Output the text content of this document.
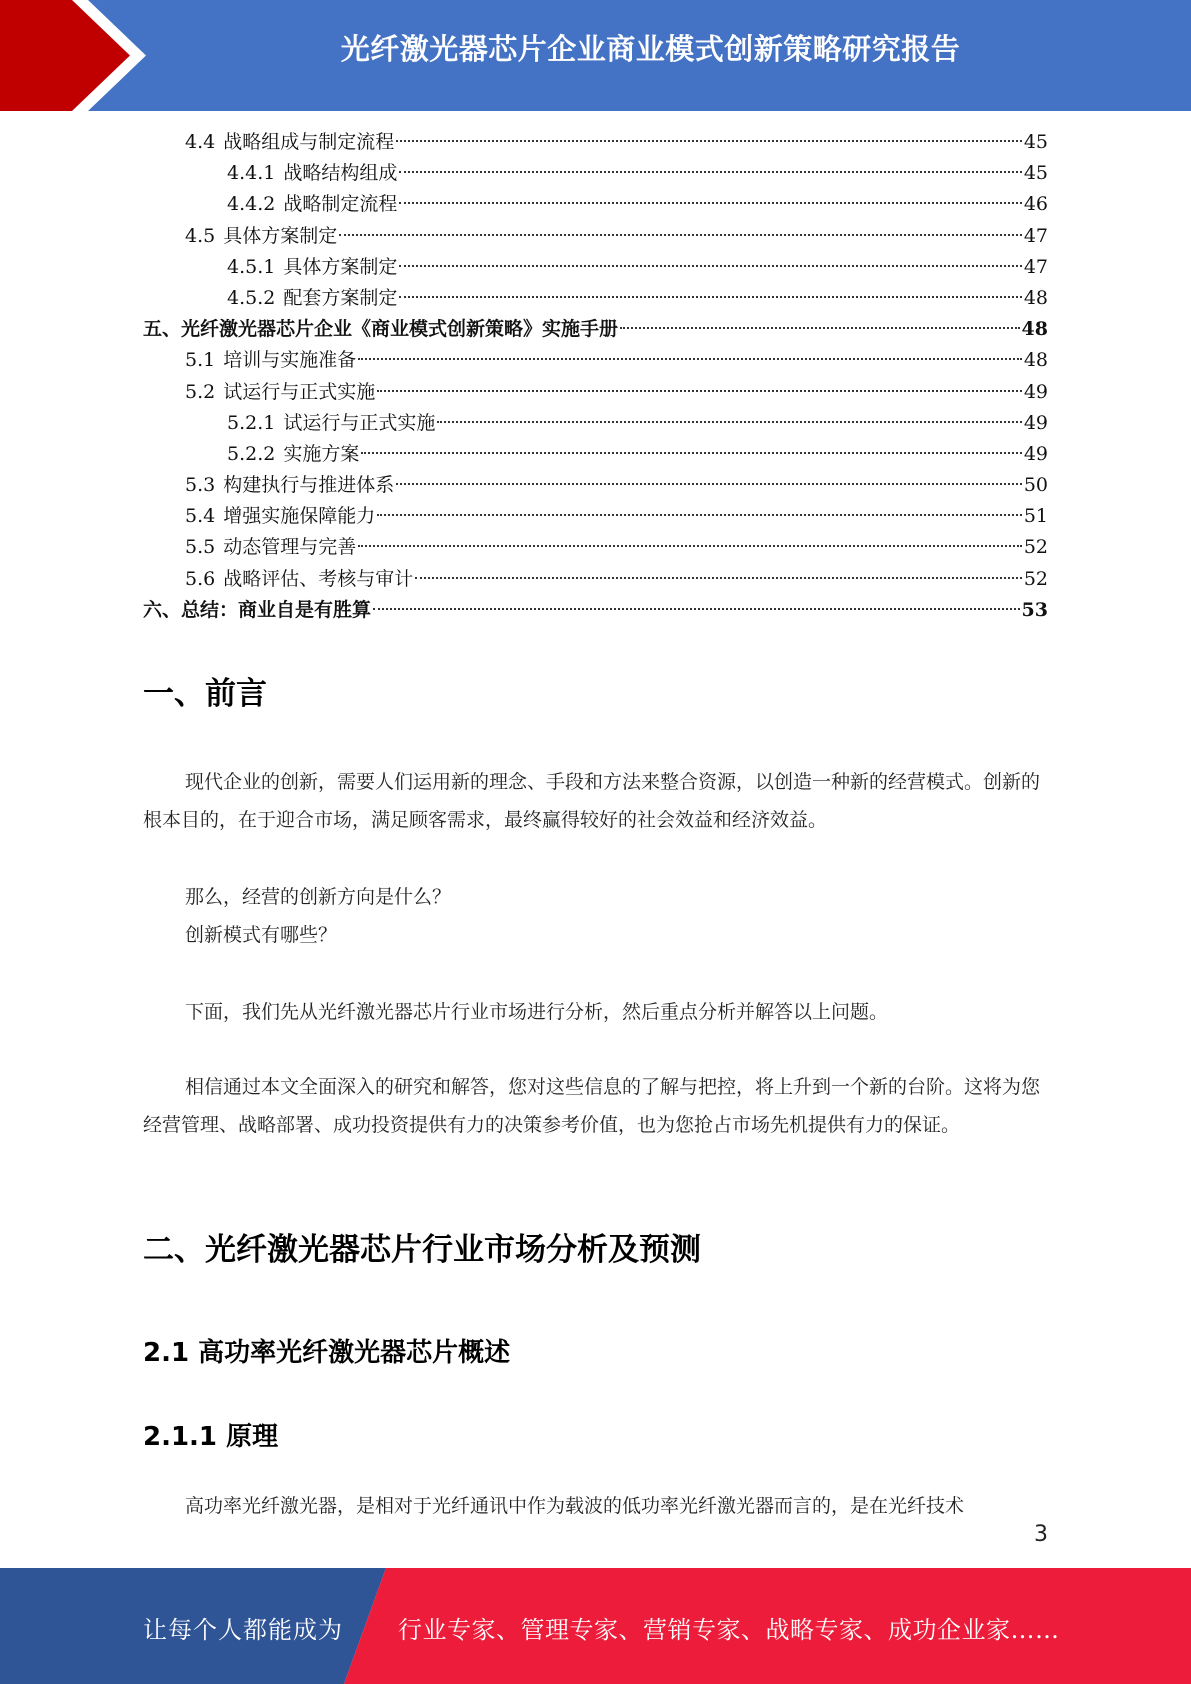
光纤激光器芯片企业商业模式创新策略研究报告
4.4 战略组成与制定流程	45
4.4.1 战略结构组成	45
4.4.2 战略制定流程	46
4.5 具体方案制定	47
4.5.1 具体方案制定	47
4.5.2 配套方案制定	48
五、光纤激光器芯片企业《商业模式创新策略》实施手册	48
5.1 培训与实施准备	48
5.2 试运行与正式实施	49
5.2.1 试运行与正式实施	49
5.2.2 实施方案	49
5.3 构建执行与推进体系	50
5.4 增强实施保障能力	51
5.5 动态管理与完善	52
5.6 战略评估、考核与审计	52
六、总结：商业自是有胜算	53
一、前言

现代企业的创新，需要人们运用新的理念、手段和方法来整合资源，以创造一种新的经营模式。创新的根本目的，在于迎合市场，满足顾客需求，最终赢得较好的社会效益和经济效益。

那么，经营的创新方向是什么？

创新模式有哪些？

下面，我们先从光纤激光器芯片行业市场进行分析，然后重点分析并解答以上问题。

相信通过本文全面深入的研究和解答，您对这些信息的了解与把控，将上升到一个新的台阶。这将为您经营管理、战略部署、成功投资提供有力的决策参考价值，也为您抢占市场先机提供有力的保证。

二、光纤激光器芯片行业市场分析及预测
2.1 高功率光纤激光器芯片概述
2.1.1 原理

高功率光纤激光器，是相对于光纤通讯中作为载波的低功率光纤激光器而言的，是在光纤技术

3
让每个人都能成为 行业专家、管理专家、营销专家、战略专家、成功企业家……
